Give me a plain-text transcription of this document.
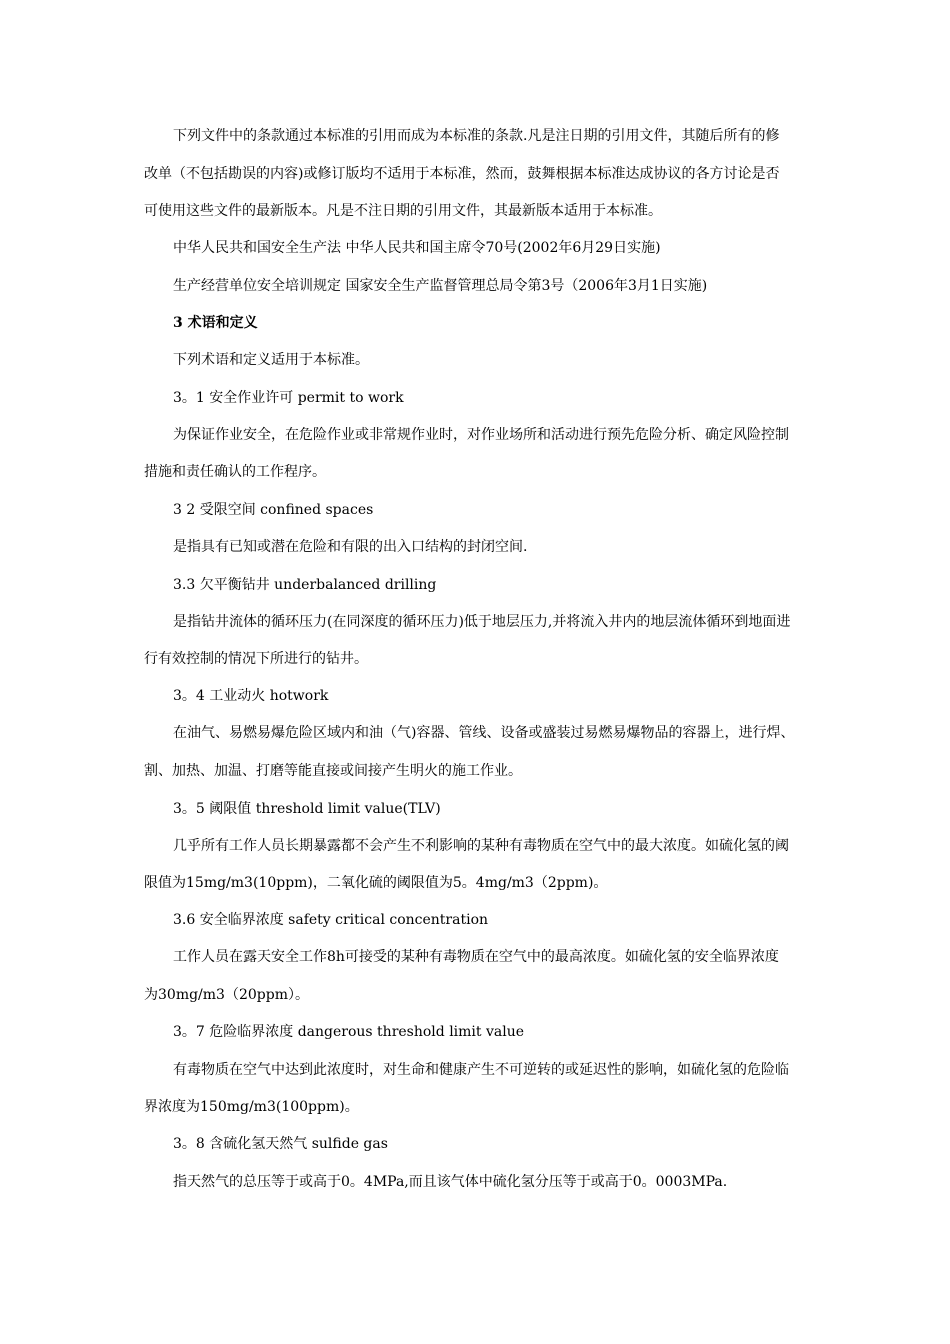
下列文件中的条款通过本标准的引用而成为本标准的条款.凡是注日期的引用文件，其随后所有的修
改单（不包括勘误的内容)或修订版均不适用于本标准，然而，鼓舞根据本标准达成协议的各方讨论是否
可使用这些文件的最新版本。凡是不注日期的引用文件，其最新版本适用于本标准。
中华人民共和国安全生产法 中华人民共和国主席令70号(2002年6月29日实施)
生产经营单位安全培训规定 国家安全生产监督管理总局令第3号（2006年3月1日实施)
3 术语和定义
下列术语和定义适用于本标准。
3。1 安全作业许可 permit to work
为保证作业安全，在危险作业或非常规作业时，对作业场所和活动进行预先危险分析、确定风险控制
措施和责任确认的工作程序。
3 2 受限空间 confined spaces
是指具有已知或潜在危险和有限的出入口结构的封闭空间.
3.3 欠平衡钻井 underbalanced drilling
是指钻井流体的循环压力(在同深度的循环压力)低于地层压力,并将流入井内的地层流体循环到地面进
行有效控制的情况下所进行的钻井。
3。4 工业动火 hotwork
在油气、易燃易爆危险区域内和油（气)容器、管线、设备或盛装过易燃易爆物品的容器上，进行焊、
割、加热、加温、打磨等能直接或间接产生明火的施工作业。
3。5 阈限值 threshold limit value(TLV)
几乎所有工作人员长期暴露都不会产生不利影响的某种有毒物质在空气中的最大浓度。如硫化氢的阈
限值为15mg/m3(10ppm)，二氧化硫的阈限值为5。4mg/m3（2ppm)。
3.6 安全临界浓度 safety critical concentration
工作人员在露天安全工作8h可接受的某种有毒物质在空气中的最高浓度。如硫化氢的安全临界浓度
为30mg/m3（20ppm）。
3。7 危险临界浓度 dangerous threshold limit value
有毒物质在空气中达到此浓度时，对生命和健康产生不可逆转的或延迟性的影响，如硫化氢的危险临
界浓度为150mg/m3(100ppm)。
3。8 含硫化氢天然气 sulfide gas
指天然气的总压等于或高于0。4MPa,而且该气体中硫化氢分压等于或高于0。0003MPa.
